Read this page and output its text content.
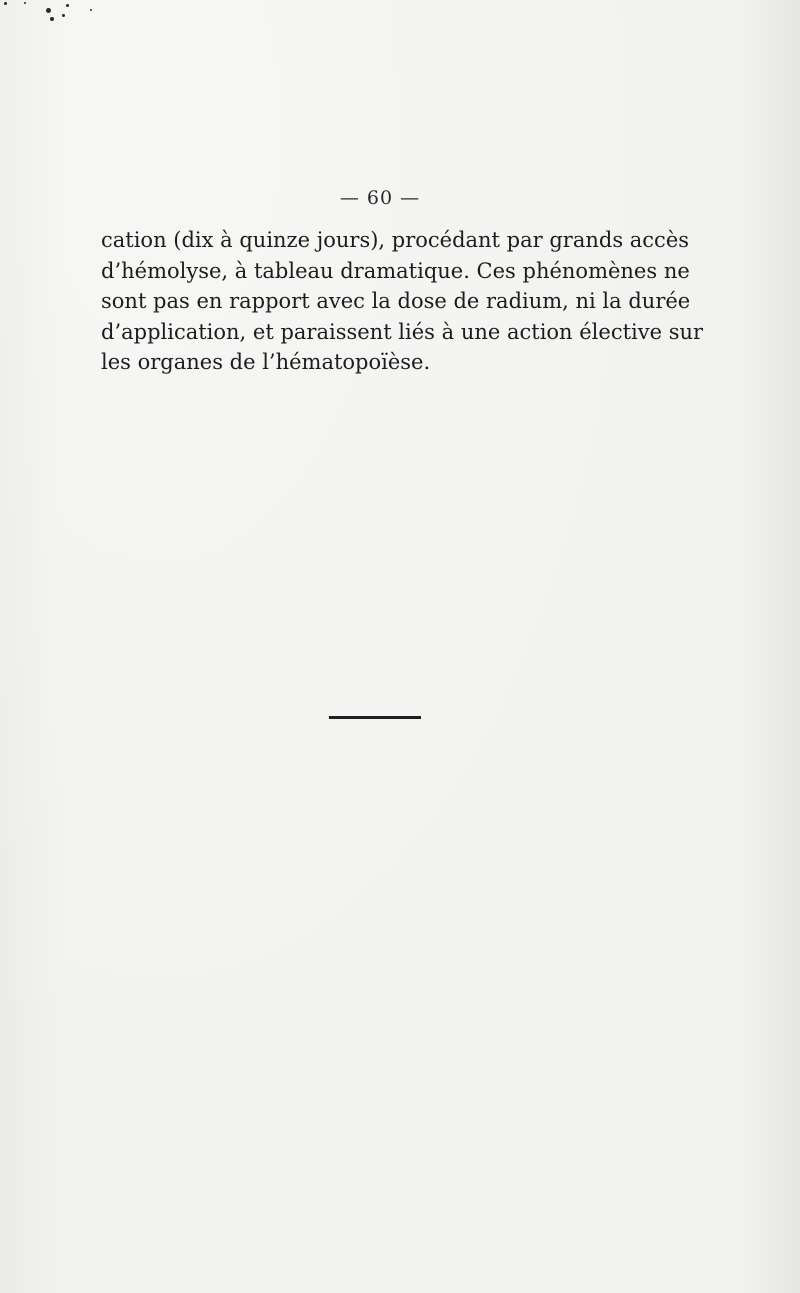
— 60 —

cation (dix à quinze jours), procédant par grands accès
d’hémolyse, à tableau dramatique. Ces phénomènes ne
sont pas en rapport avec la dose de radium, ni la durée
d’application, et paraissent liés à une action élective sur
les organes de l’hématopoïèse.
